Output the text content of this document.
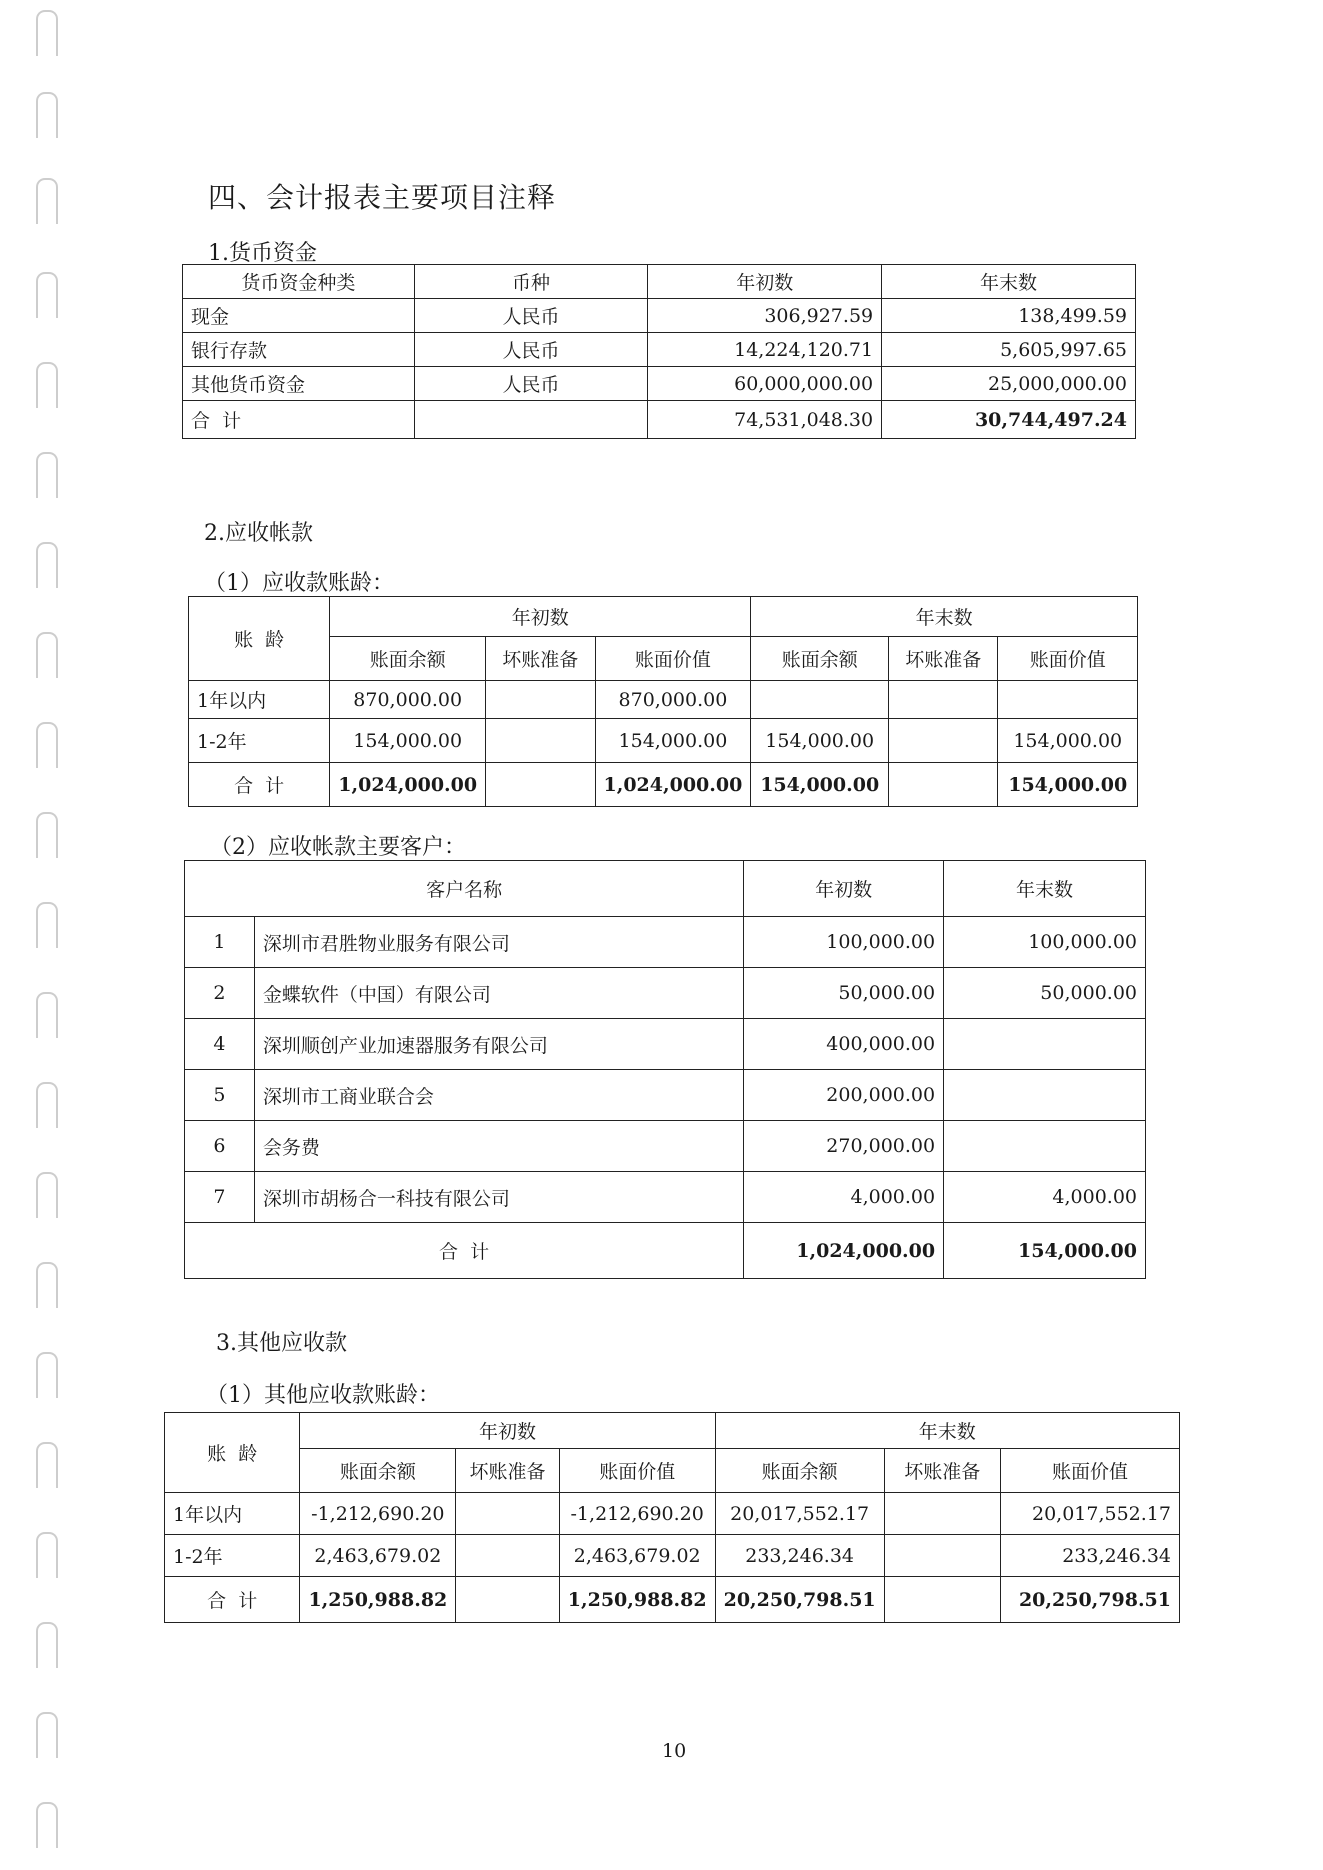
四、会计报表主要项目注释
1.货币资金
货币资金种类	币种	年初数	年末数
现金	人民币	306,927.59	138,499.59
银行存款	人民币	14,224,120.71	5,605,997.65
其他货币资金	人民币	60,000,000.00	25,000,000.00
合  计		74,531,048.30	30,744,497.24
2.应收帐款
（1）应收款账龄：
账  龄	年初数			年末数		
	账面余额	坏账准备	账面价值	账面余额	坏账准备	账面价值
1年以内	870,000.00		870,000.00			
1-2年	154,000.00		154,000.00	154,000.00		154,000.00
合  计	1,024,000.00		1,024,000.00	154,000.00		154,000.00
（2）应收帐款主要客户：
客户名称		年初数	年末数
1	深圳市君胜物业服务有限公司	100,000.00	100,000.00
2	金蝶软件（中国）有限公司	50,000.00	50,000.00
4	深圳顺创产业加速器服务有限公司	400,000.00	
5	深圳市工商业联合会	200,000.00	
6	会务费	270,000.00	
7	深圳市胡杨合一科技有限公司	4,000.00	4,000.00
合  计		1,024,000.00	154,000.00
3.其他应收款
（1）其他应收款账龄：
账  龄	年初数			年末数		
	账面余额	坏账准备	账面价值	账面余额	坏账准备	账面价值
1年以内	-1,212,690.20		-1,212,690.20	20,017,552.17		20,017,552.17
1-2年	2,463,679.02		2,463,679.02	233,246.34		233,246.34
合  计	1,250,988.82		1,250,988.82	20,250,798.51		20,250,798.51
10
